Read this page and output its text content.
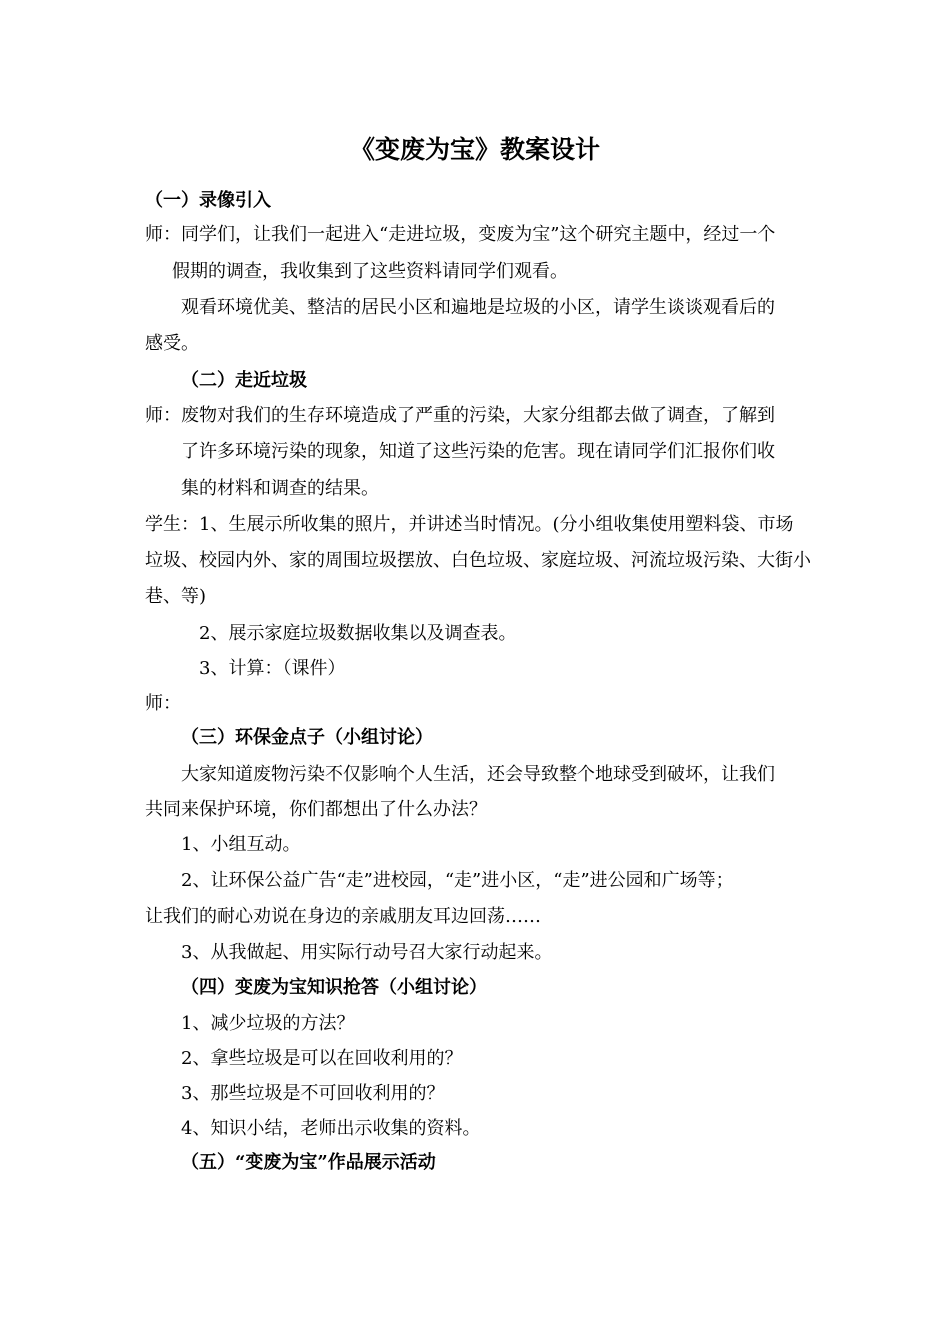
《变废为宝》教案设计
（一）录像引入
师：同学们，让我们一起进入“走进垃圾，变废为宝”这个研究主题中，经过一个
假期的调查，我收集到了这些资料请同学们观看。
观看环境优美、整洁的居民小区和遍地是垃圾的小区，请学生谈谈观看后的
感受。
（二）走近垃圾
师：废物对我们的生存环境造成了严重的污染，大家分组都去做了调查，了解到
了许多环境污染的现象，知道了这些污染的危害。现在请同学们汇报你们收
集的材料和调查的结果。
学生：1、生展示所收集的照片，并讲述当时情况。(分小组收集使用塑料袋、市场
垃圾、校园内外、家的周围垃圾摆放、白色垃圾、家庭垃圾、河流垃圾污染、大街小
巷、等)
2、展示家庭垃圾数据收集以及调查表。
3、计算：（课件）
师：
（三）环保金点子（小组讨论）
大家知道废物污染不仅影响个人生活，还会导致整个地球受到破坏，让我们
共同来保护环境，你们都想出了什么办法？
1、小组互动。
2、让环保公益广告“走”进校园，“走”进小区，“走”进公园和广场等；
让我们的耐心劝说在身边的亲戚朋友耳边回荡……
3、从我做起、用实际行动号召大家行动起来。
（四）变废为宝知识抢答（小组讨论）
1、减少垃圾的方法？
2、拿些垃圾是可以在回收利用的？
3、那些垃圾是不可回收利用的？
4、知识小结，老师出示收集的资料。
（五）“变废为宝”作品展示活动
